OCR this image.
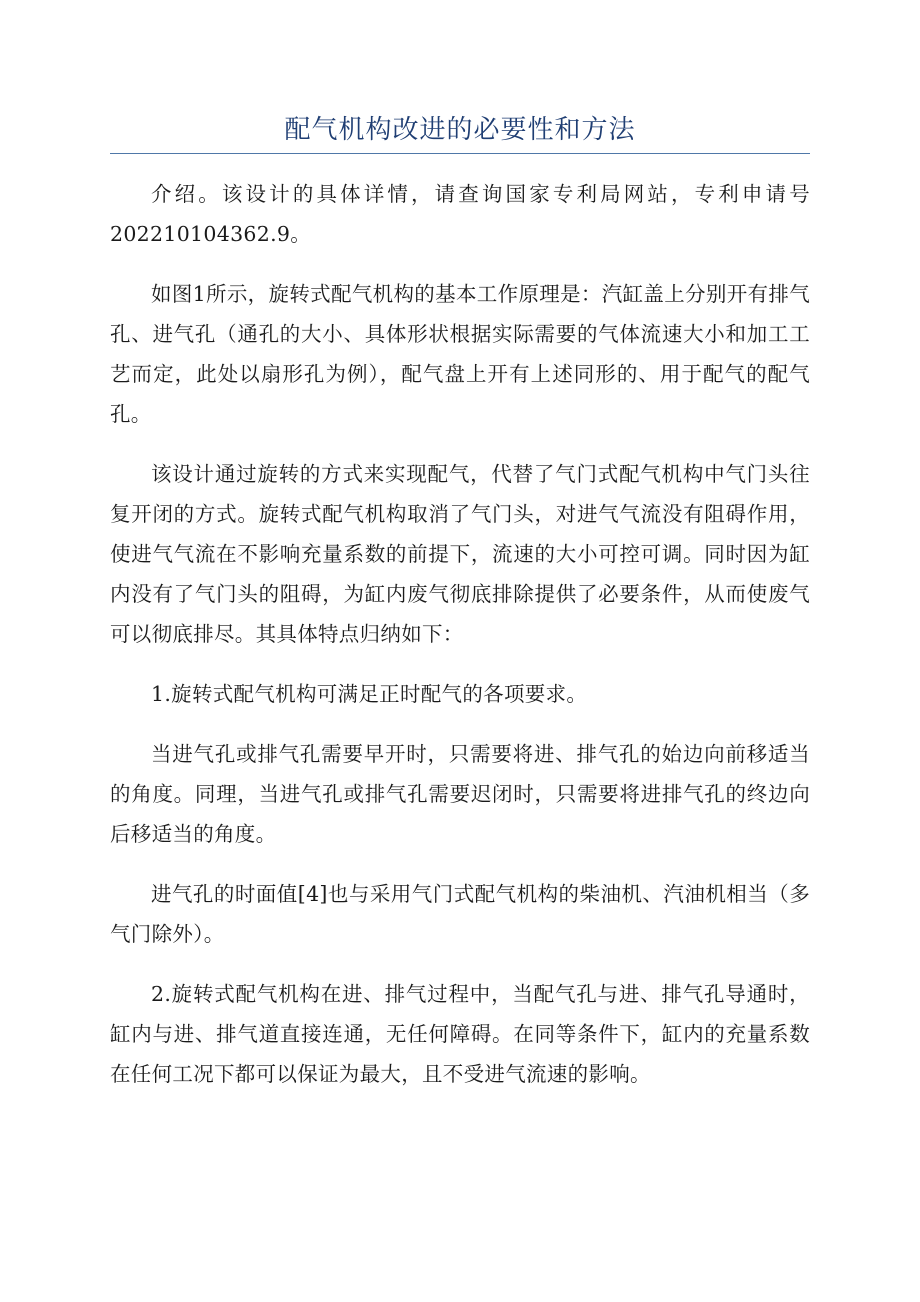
配气机构改进的必要性和方法

介绍。该设计的具体详情，请查询国家专利局网站，专利申请号202210104362.9。

如图1所示，旋转式配气机构的基本工作原理是：汽缸盖上分别开有排气孔、进气孔（通孔的大小、具体形状根据实际需要的气体流速大小和加工工艺而定，此处以扇形孔为例），配气盘上开有上述同形的、用于配气的配气孔。

该设计通过旋转的方式来实现配气，代替了气门式配气机构中气门头往复开闭的方式。旋转式配气机构取消了气门头，对进气气流没有阻碍作用，使进气气流在不影响充量系数的前提下，流速的大小可控可调。同时因为缸内没有了气门头的阻碍，为缸内废气彻底排除提供了必要条件，从而使废气可以彻底排尽。其具体特点归纳如下：

1.旋转式配气机构可满足正时配气的各项要求。

当进气孔或排气孔需要早开时，只需要将进、排气孔的始边向前移适当的角度。同理，当进气孔或排气孔需要迟闭时，只需要将进排气孔的终边向后移适当的角度。

进气孔的时面值[4]也与采用气门式配气机构的柴油机、汽油机相当（多气门除外）。

2.旋转式配气机构在进、排气过程中，当配气孔与进、排气孔导通时，缸内与进、排气道直接连通，无任何障碍。在同等条件下，缸内的充量系数在任何工况下都可以保证为最大，且不受进气流速的影响。
